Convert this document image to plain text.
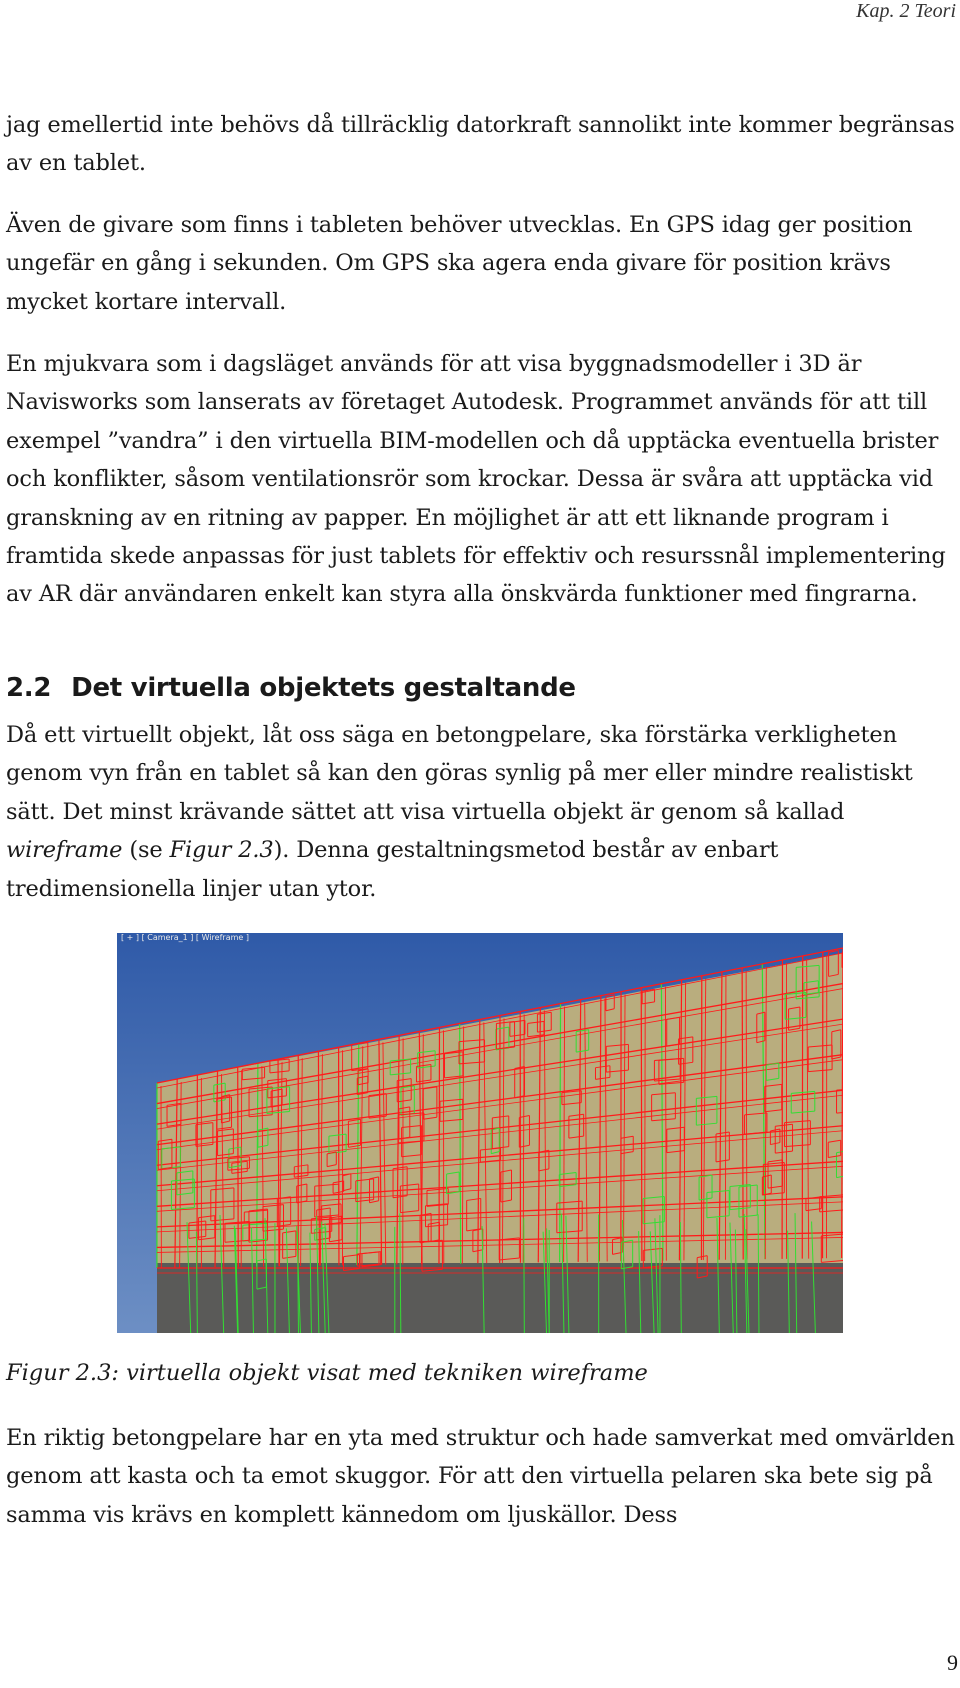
Kap. 2 Teori

jag emellertid inte behövs då tillräcklig datorkraft sannolikt inte kommer begränsas av en tablet.

Även de givare som finns i tableten behöver utvecklas. En GPS idag ger position ungefär en gång i sekunden. Om GPS ska agera enda givare för position krävs mycket kortare intervall.

En mjukvara som i dagsläget används för att visa byggnadsmodeller i 3D är Navisworks som lanserats av företaget Autodesk. Programmet används för att till exempel ”vandra” i den virtuella BIM-modellen och då upptäcka eventuella brister och konflikter, såsom ventilationsrör som krockar. Dessa är svåra att upptäcka vid granskning av en ritning av papper. En möjlighet är att ett liknande program i framtida skede anpassas för just tablets för effektiv och resurssnål implementering av AR där användaren enkelt kan styra alla önskvärda funktioner med fingrarna.

2.2 Det virtuella objektets gestaltande

Då ett virtuellt objekt, låt oss säga en betongpelare, ska förstärka verkligheten genom vyn från en tablet så kan den göras synlig på mer eller mindre realistiskt sätt. Det minst krävande sättet att visa virtuella objekt är genom så kallad wireframe (se Figur 2.3). Denna gestaltningsmetod består av enbart tredimensionella linjer utan ytor.

[ + ] [ Camera_1 ] [ Wireframe ]

Figur 2.3: virtuella objekt visat med tekniken wireframe

En riktig betongpelare har en yta med struktur och hade samverkat med omvärlden genom att kasta och ta emot skuggor. För att den virtuella pelaren ska bete sig på samma vis krävs en komplett kännedom om ljuskällor. Dess

9
